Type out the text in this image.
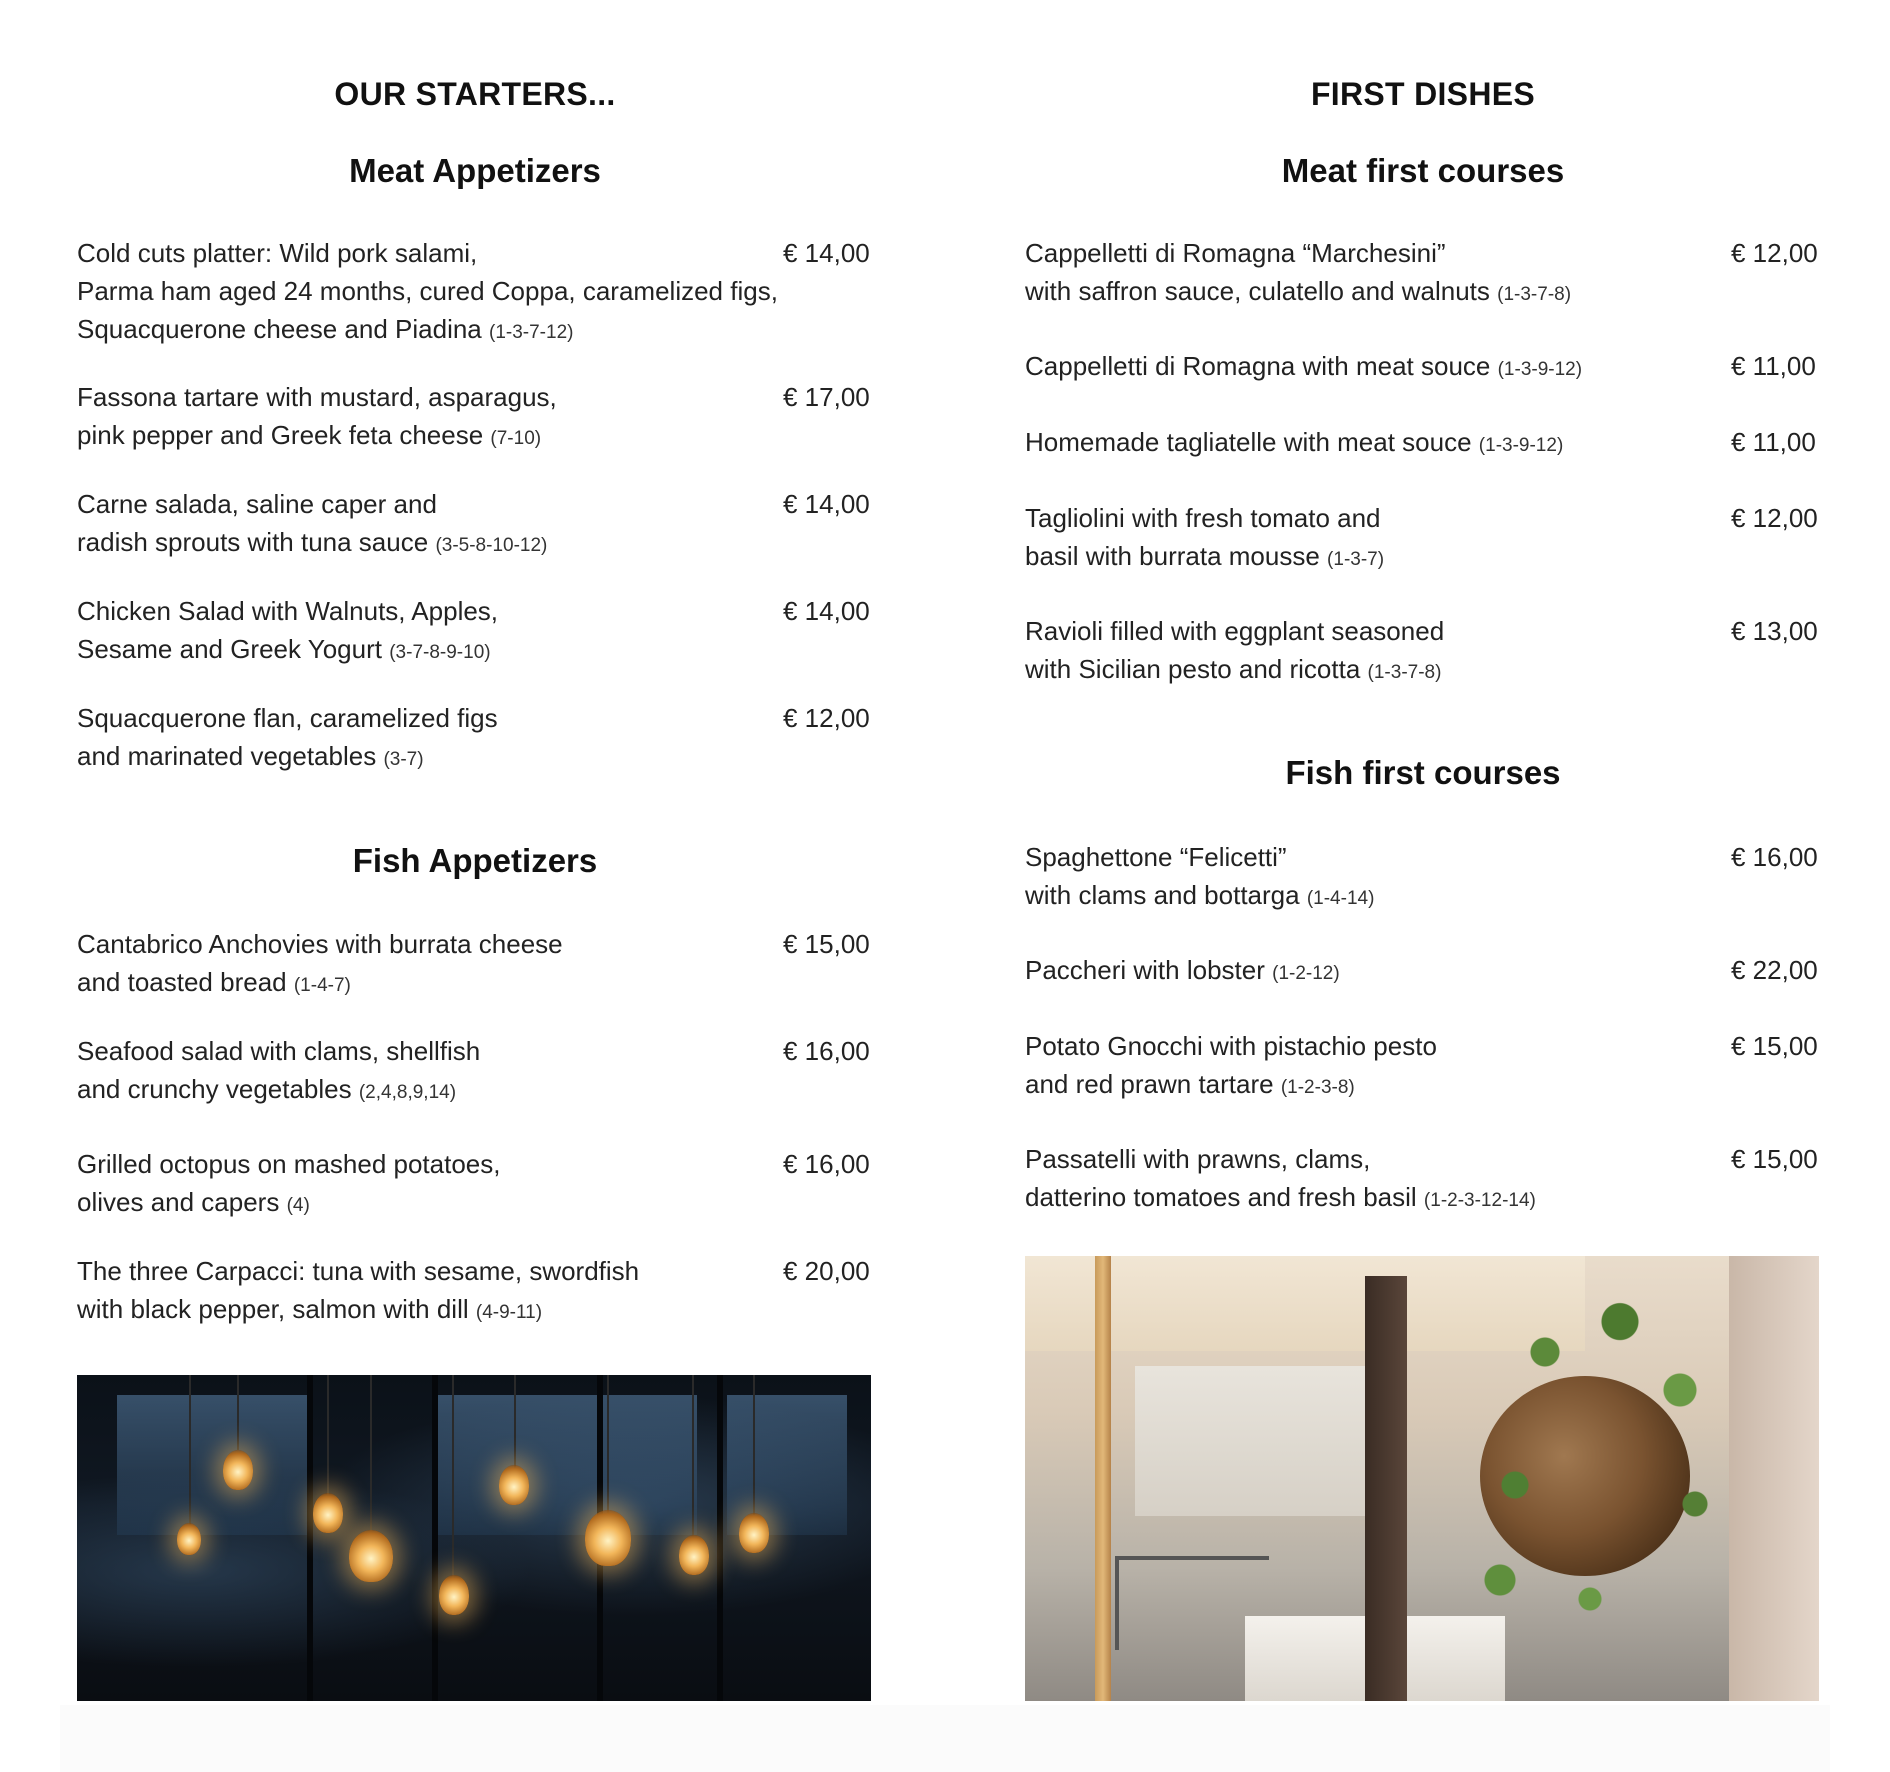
OUR STARTERS...
Meat Appetizers
Cold cuts platter: Wild pork salami,
Parma ham aged 24 months, cured Coppa, caramelized figs,
Squacquerone cheese and Piadina (1-3-7-12)
€ 14,00
Fassona tartare with mustard, asparagus,
pink pepper and Greek feta cheese (7-10)
€ 17,00
Carne salada, saline caper and
radish sprouts with tuna sauce (3-5-8-10-12)
€ 14,00
Chicken Salad with Walnuts, Apples,
Sesame and Greek Yogurt (3-7-8-9-10)
€ 14,00
Squacquerone flan, caramelized figs
and marinated vegetables (3-7)
€ 12,00
Fish Appetizers
Cantabrico Anchovies with burrata cheese
and toasted bread (1-4-7)
€ 15,00
Seafood salad with clams, shellfish
and crunchy vegetables (2,4,8,9,14)
€ 16,00
Grilled octopus on mashed potatoes,
olives and capers (4)
€ 16,00
The three Carpacci: tuna with sesame, swordfish
with black pepper, salmon with dill (4-9-11)
€ 20,00
FIRST DISHES
Meat first courses
Cappelletti di Romagna “Marchesini”
with saffron sauce, culatello and walnuts (1-3-7-8)
€ 12,00
Cappelletti di Romagna with meat souce (1-3-9-12)	€ 11,00
Homemade tagliatelle with meat souce (1-3-9-12)	€ 11,00
Tagliolini with fresh tomato and
basil with burrata mousse (1-3-7)
€ 12,00
Ravioli filled with eggplant seasoned
with Sicilian pesto and ricotta (1-3-7-8)
€ 13,00
Fish first courses
Spaghettone “Felicetti”
with clams and bottarga (1-4-14)
€ 16,00
Paccheri with lobster (1-2-12)	€ 22,00
Potato Gnocchi with pistachio pesto
and red prawn tartare (1-2-3-8)
€ 15,00
Passatelli with prawns, clams,
datterino tomatoes and fresh basil (1-2-3-12-14)
€ 15,00
